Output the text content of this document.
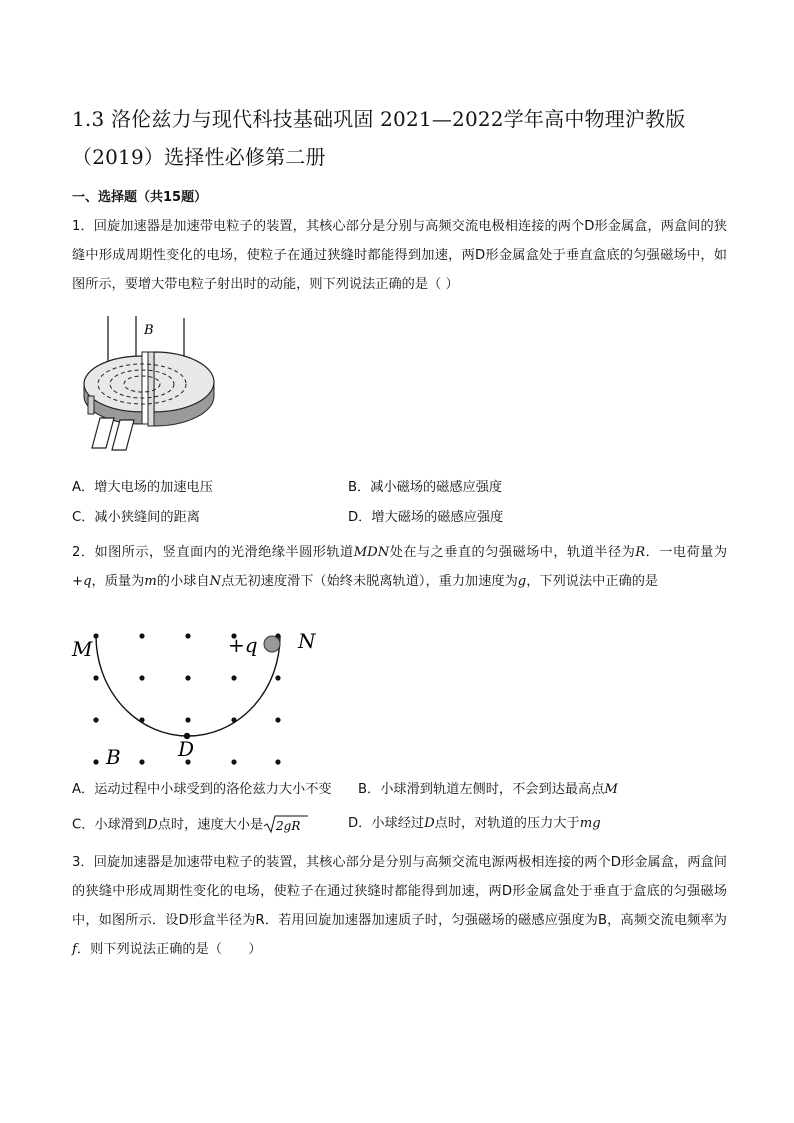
1.3 洛伦兹力与现代科技基础巩固 2021—2022学年高中物理沪教版
（2019）选择性必修第二册
一、选择题（共15题）
1．回旋加速器是加速带电粒子的装置，其核心部分是分别与高频交流电极相连接的两个D形金属盒，两盒间的狭缝中形成周期性变化的电场，使粒子在通过狭缝时都能得到加速，两D形金属盒处于垂直盒底的匀强磁场中，如图所示，要增大带电粒子射出时的动能，则下列说法正确的是（ ）
B
A．增大电场的加速电压	B．减小磁场的磁感应强度
C．减小狭缝间的距离	D．增大磁场的磁感应强度
2．如图所示，竖直面内的光滑绝缘半圆形轨道MDN处在与之垂直的匀强磁场中，轨道半径为R．一电荷量为+q，质量为m的小球自N点无初速度滑下（始终未脱离轨道），重力加速度为g，下列说法中正确的是
M	N
D
B
+q
A．运动过程中小球受到的洛伦兹力大小不变 B．小球滑到轨道左侧时，不会到达最高点M
C．小球滑到D点时，速度大小是 2gR	D．小球经过D点时，对轨道的压力大于mg
3．回旋加速器是加速带电粒子的装置，其核心部分是分别与高频交流电源两极相连接的两个D形金属盒，两盒间的狭缝中形成周期性变化的电场，使粒子在通过狭缝时都能得到加速，两D形金属盒处于垂直于盒底的匀强磁场中，如图所示．设D形盒半径为R．若用回旋加速器加速质子时，匀强磁场的磁感应强度为B，高频交流电频率为f．则下列说法正确的是（　　）
